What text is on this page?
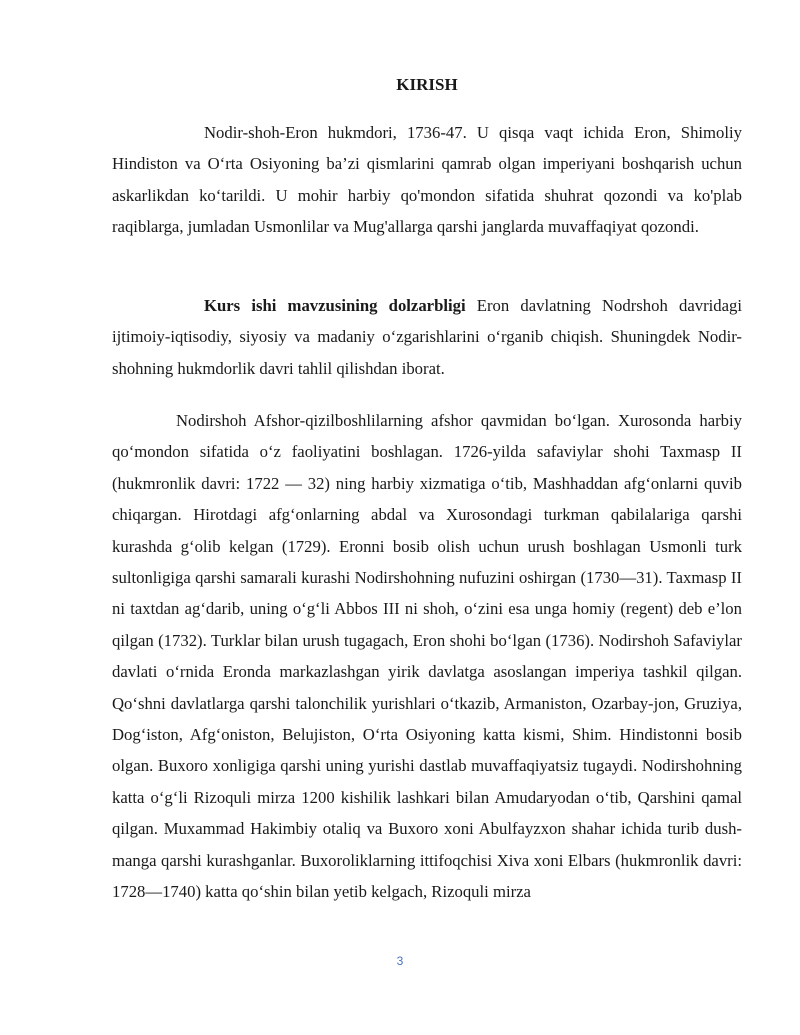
KIRISH

Nodir-shoh-Eron hukmdori, 1736-47. U qisqa vaqt ichida Eron, Shimoliy Hindiston va O‘rta Osiyoning ba’zi qismlarini qamrab olgan imperiyani boshqarish uchun askarlikdan ko‘tarildi. U mohir harbiy qo'mondon sifatida shuhrat qozondi va ko'plab raqiblarga, jumladan Usmonlilar va Mug'allarga qarshi janglarda muvaffaqiyat qozondi.

Kurs ishi mavzusining dolzarbligi Eron davlatning Nodrshoh davridagi ijtimoiy-iqtisodiy, siyosiy va madaniy o‘zgarishlarini o‘rganib chiqish. Shuningdek Nodir-shohning hukmdorlik davri tahlil qilishdan iborat.

Nodirshoh Afshor-qizilboshlilarning afshor qavmidan bo‘lgan. Xurosonda harbiy qo‘mondon sifatida o‘z faoliyatini boshlagan. 1726-yilda safaviylar shohi Taxmasp II (hukmronlik davri: 1722 — 32) ning harbiy xizmatiga o‘tib, Mashhaddan afg‘onlarni quvib chiqargan. Hirotdagi afg‘onlarning abdal va Xurosondagi turkman qabilalariga qarshi kurashda g‘olib kelgan (1729). Eronni bosib olish uchun urush boshlagan Usmonli turk sultonligiga qarshi samarali kurashi Nodirshohning nufuzini oshirgan (1730—31). Taxmasp II ni taxtdan ag‘darib, uning o‘g‘li Abbos III ni shoh, o‘zini esa unga homiy (regent) deb e’lon qilgan (1732). Turklar bilan urush tugagach, Eron shohi bo‘lgan (1736). Nodirshoh Safaviylar davlati o‘rnida Eronda markazlashgan yirik davlatga asoslangan imperiya tashkil qilgan. Qo‘shni davlatlarga qarshi talonchilik yurishlari o‘tkazib, Armaniston, Ozarbay-jon, Gruziya, Dog‘iston, Afg‘oniston, Belujiston, O‘rta Osiyoning katta kismi, Shim. Hindistonni bosib olgan. Buxoro xonligiga qarshi uning yurishi dastlab muvaffaqiyatsiz tugaydi. Nodirshohning katta o‘g‘li Rizoquli mirza 1200 kishilik lashkari bilan Amudaryodan o‘tib, Qarshini qamal qilgan. Muxammad Hakimbiy otaliq va Buxoro xoni Abulfayzxon shahar ichida turib dush-manga qarshi kurashganlar. Buxoroliklarning ittifoqchisi Xiva xoni Elbars (hukmronlik davri: 1728—1740) katta qo‘shin bilan yetib kelgach, Rizoquli mirza

3
